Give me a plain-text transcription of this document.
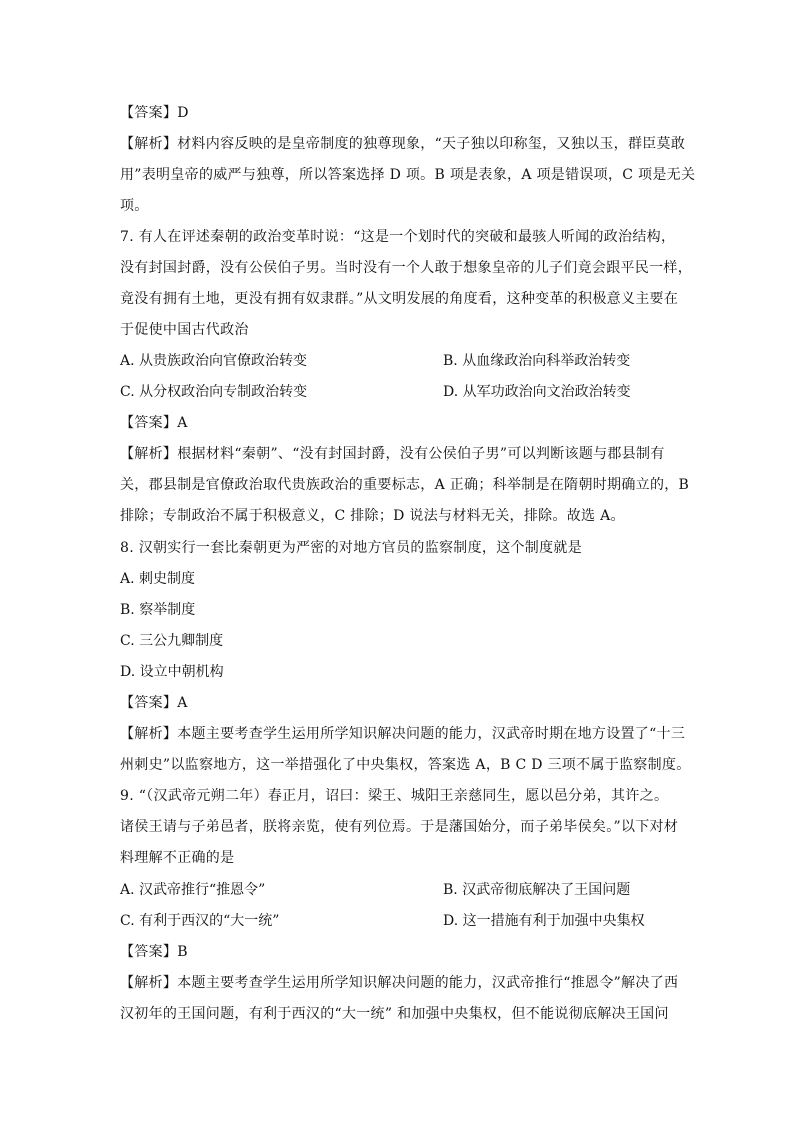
【答案】D
【解析】材料内容反映的是皇帝制度的独尊现象，“天子独以印称玺，又独以玉，群臣莫敢
用”表明皇帝的威严与独尊，所以答案选择 D 项。B 项是表象，A 项是错误项，C 项是无关
项。
7. 有人在评述秦朝的政治变革时说：“这是一个划时代的突破和最骇人听闻的政治结构，
没有封国封爵，没有公侯伯子男。当时没有一个人敢于想象皇帝的儿子们竟会跟平民一样，
竟没有拥有土地，更没有拥有奴隶群。”从文明发展的角度看，这种变革的积极意义主要在
于促使中国古代政治
A. 从贵族政治向官僚政治转变	B. 从血缘政治向科举政治转变
C. 从分权政治向专制政治转变	D. 从军功政治向文治政治转变
【答案】A
【解析】根据材料“秦朝”、“没有封国封爵，没有公侯伯子男”可以判断该题与郡县制有
关，郡县制是官僚政治取代贵族政治的重要标志，A 正确；科举制是在隋朝时期确立的，B
排除；专制政治不属于积极意义，C 排除；D 说法与材料无关，排除。故选 A。
8. 汉朝实行一套比秦朝更为严密的对地方官员的监察制度，这个制度就是
A. 刺史制度
B. 察举制度
C. 三公九卿制度
D. 设立中朝机构
【答案】A
【解析】本题主要考查学生运用所学知识解决问题的能力，汉武帝时期在地方设置了“十三
州刺史”以监察地方，这一举措强化了中央集权，答案选 A，B C D 三项不属于监察制度。
9. “（汉武帝元朔二年）春正月，诏曰：梁王、城阳王亲慈同生，愿以邑分弟，其许之。
诸侯王请与子弟邑者，朕将亲览，使有列位焉。于是藩国始分，而子弟毕侯矣。”以下对材
料理解不正确的是
A. 汉武帝推行“推恩令”	B. 汉武帝彻底解决了王国问题
C. 有利于西汉的“大一统”	D. 这一措施有利于加强中央集权
【答案】B
【解析】本题主要考查学生运用所学知识解决问题的能力，汉武帝推行“推恩令”解决了西
汉初年的王国问题，有利于西汉的“大一统” 和加强中央集权，但不能说彻底解决王国问
